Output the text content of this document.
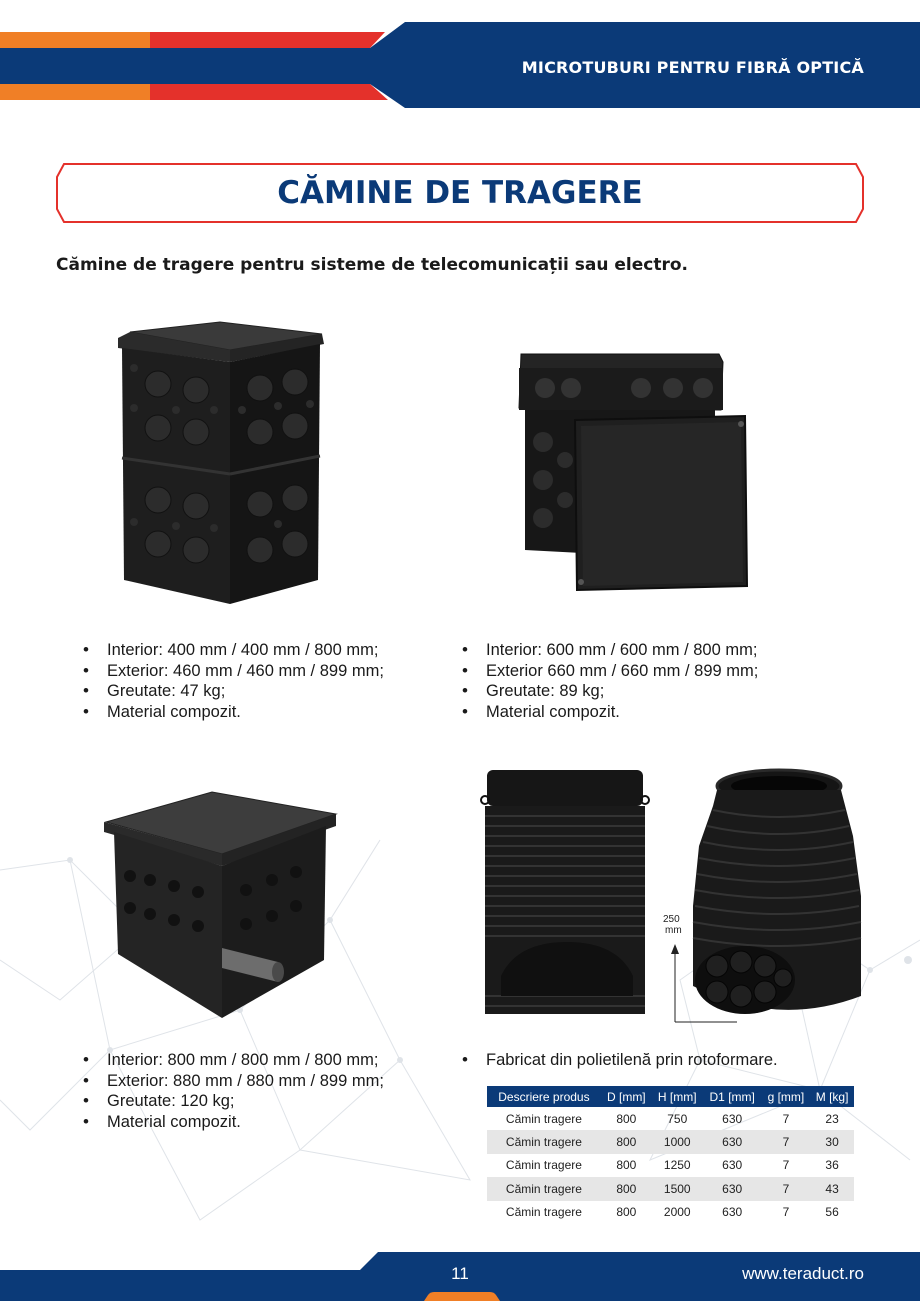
MICROTUBURI PENTRU FIBRĂ OPTICĂ
CĂMINE DE TRAGERE
Cămine de tragere pentru sisteme de telecomunicații sau electro.
250
mm
• Interior: 400 mm / 400 mm / 800 mm;
• Exterior: 460 mm / 460 mm / 899 mm;
• Greutate: 47 kg;
• Material compozit.
• Interior: 600 mm / 600 mm / 800 mm;
• Exterior 660 mm / 660 mm / 899 mm;
• Greutate: 89 kg;
• Material compozit.
• Interior: 800 mm / 800 mm / 800 mm;
• Exterior: 880 mm / 880 mm / 899 mm;
• Greutate: 120 kg;
• Material compozit.
• Fabricat din polietilenă prin rotoformare.
Descriere produs	D [mm]	H [mm]	D1 [mm]	g [mm]	M [kg]
Cămin tragere	800	750	630	7	23
Cămin tragere	800	1000	630	7	30
Cămin tragere	800	1250	630	7	36
Cămin tragere	800	1500	630	7	43
Cămin tragere	800	2000	630	7	56
11	www.teraduct.ro
